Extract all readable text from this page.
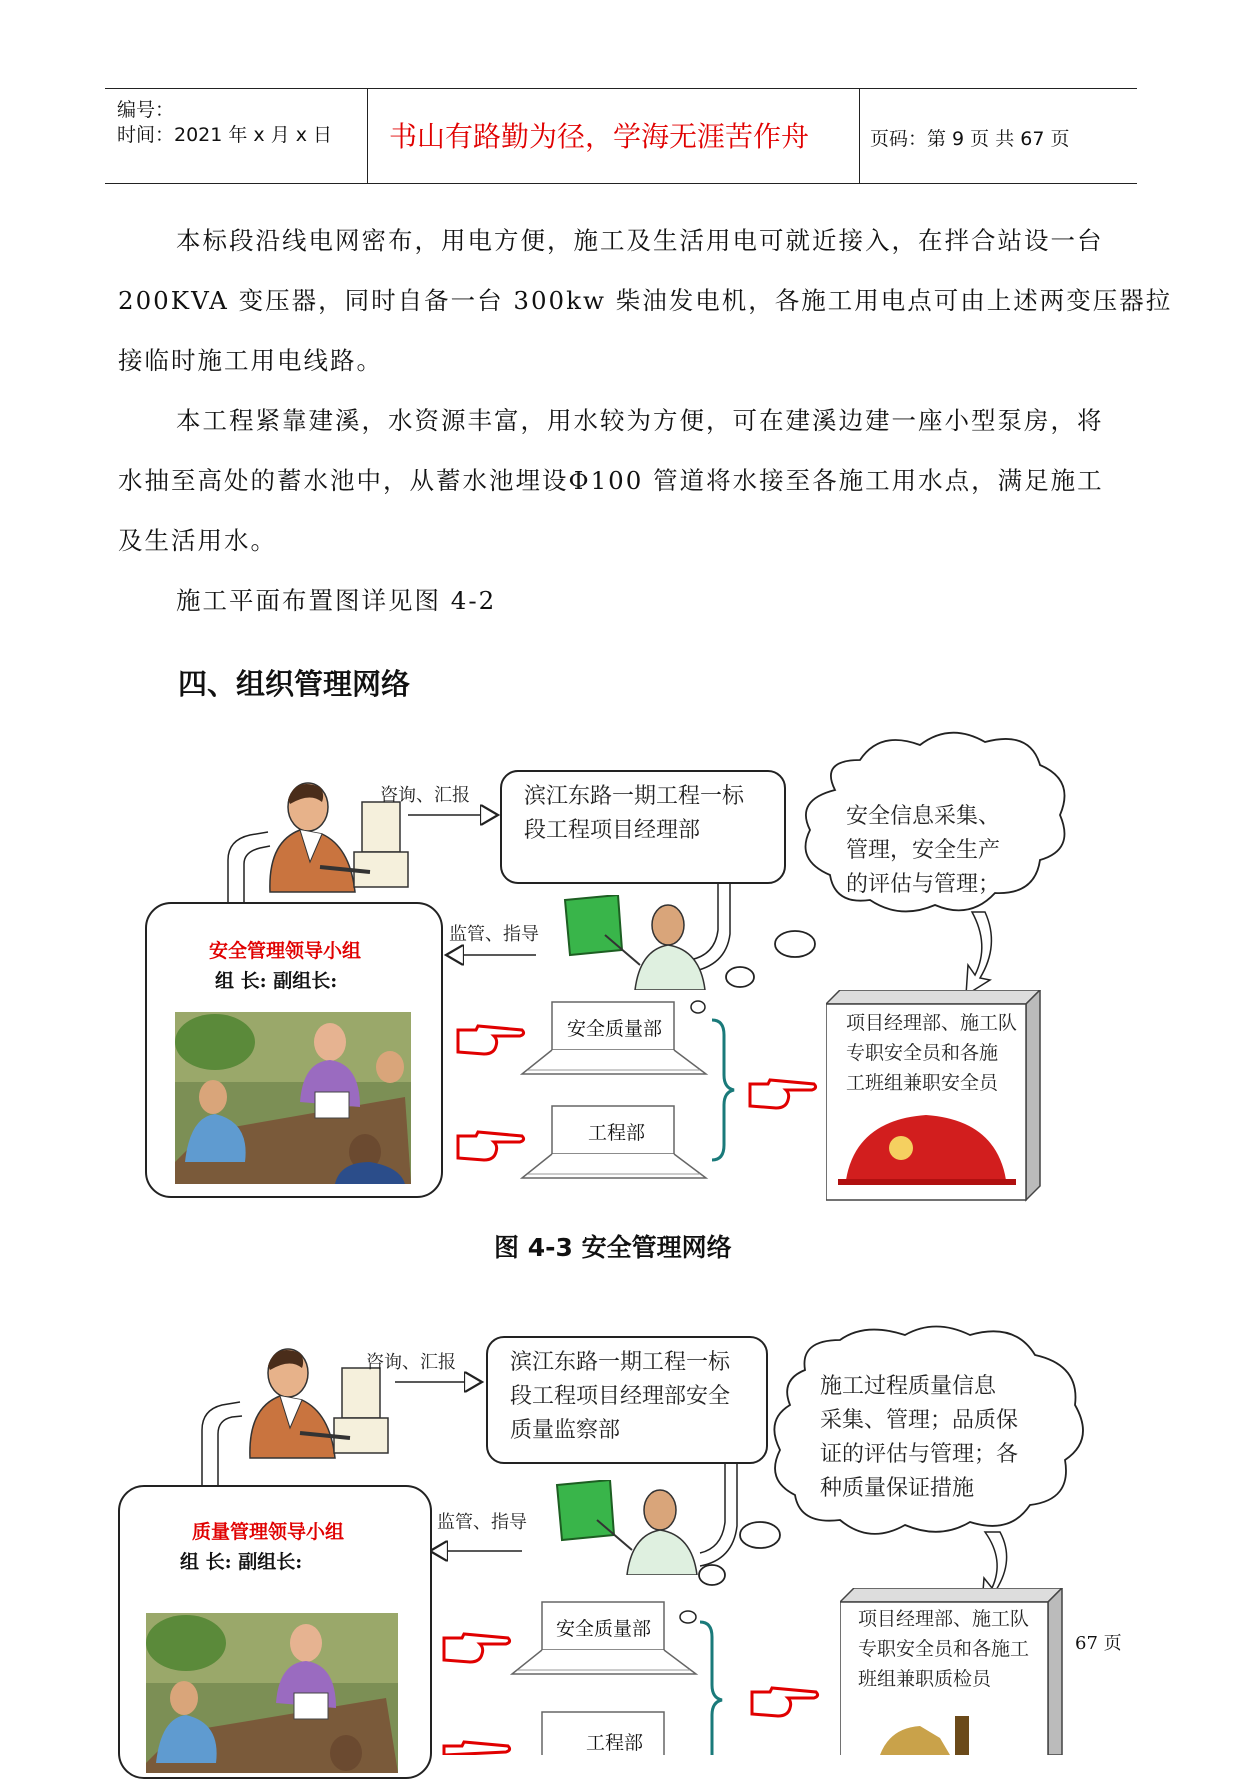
编号：
时间：2021 年 x 月 x 日 书山有路勤为径，学海无涯苦作舟	页码：第 9 页 共 67 页
本标段沿线电网密布，用电方便，施工及生活用电可就近接入，在拌合站设一台
200KVA 变压器，同时自备一台 300kw 柴油发电机，各施工用电点可由上述两变压器拉
接临时施工用电线路。
本工程紧靠建溪，水资源丰富，用水较为方便，可在建溪边建一座小型泵房，将
水抽至高处的蓄水池中，从蓄水池埋设Φ100 管道将水接至各施工用水点，满足施工
及生活用水。
施工平面布置图详见图 4-2
四、组织管理网络
滨江东路一期工程一标
段工程项目经理部
咨询、汇报
安全信息采集、
管理，安全生产
的评估与管理；
监管、指导
安全管理领导小组
组 长: 副组长:
安全质量部
工程部
项目经理部、施工队
专职安全员和各施
工班组兼职安全员
图 4-3 安全管理网络
滨江东路一期工程一标
段工程项目经理部安全
质量监察部
咨询、汇报
施工过程质量信息
采集、管理；品质保
证的评估与管理；各
种质量保证措施
监管、指导
质量管理领导小组
组 长: 副组长:
安全质量部
工程部
项目经理部、施工队
专职安全员和各施工
班组兼职质检员
67 页
